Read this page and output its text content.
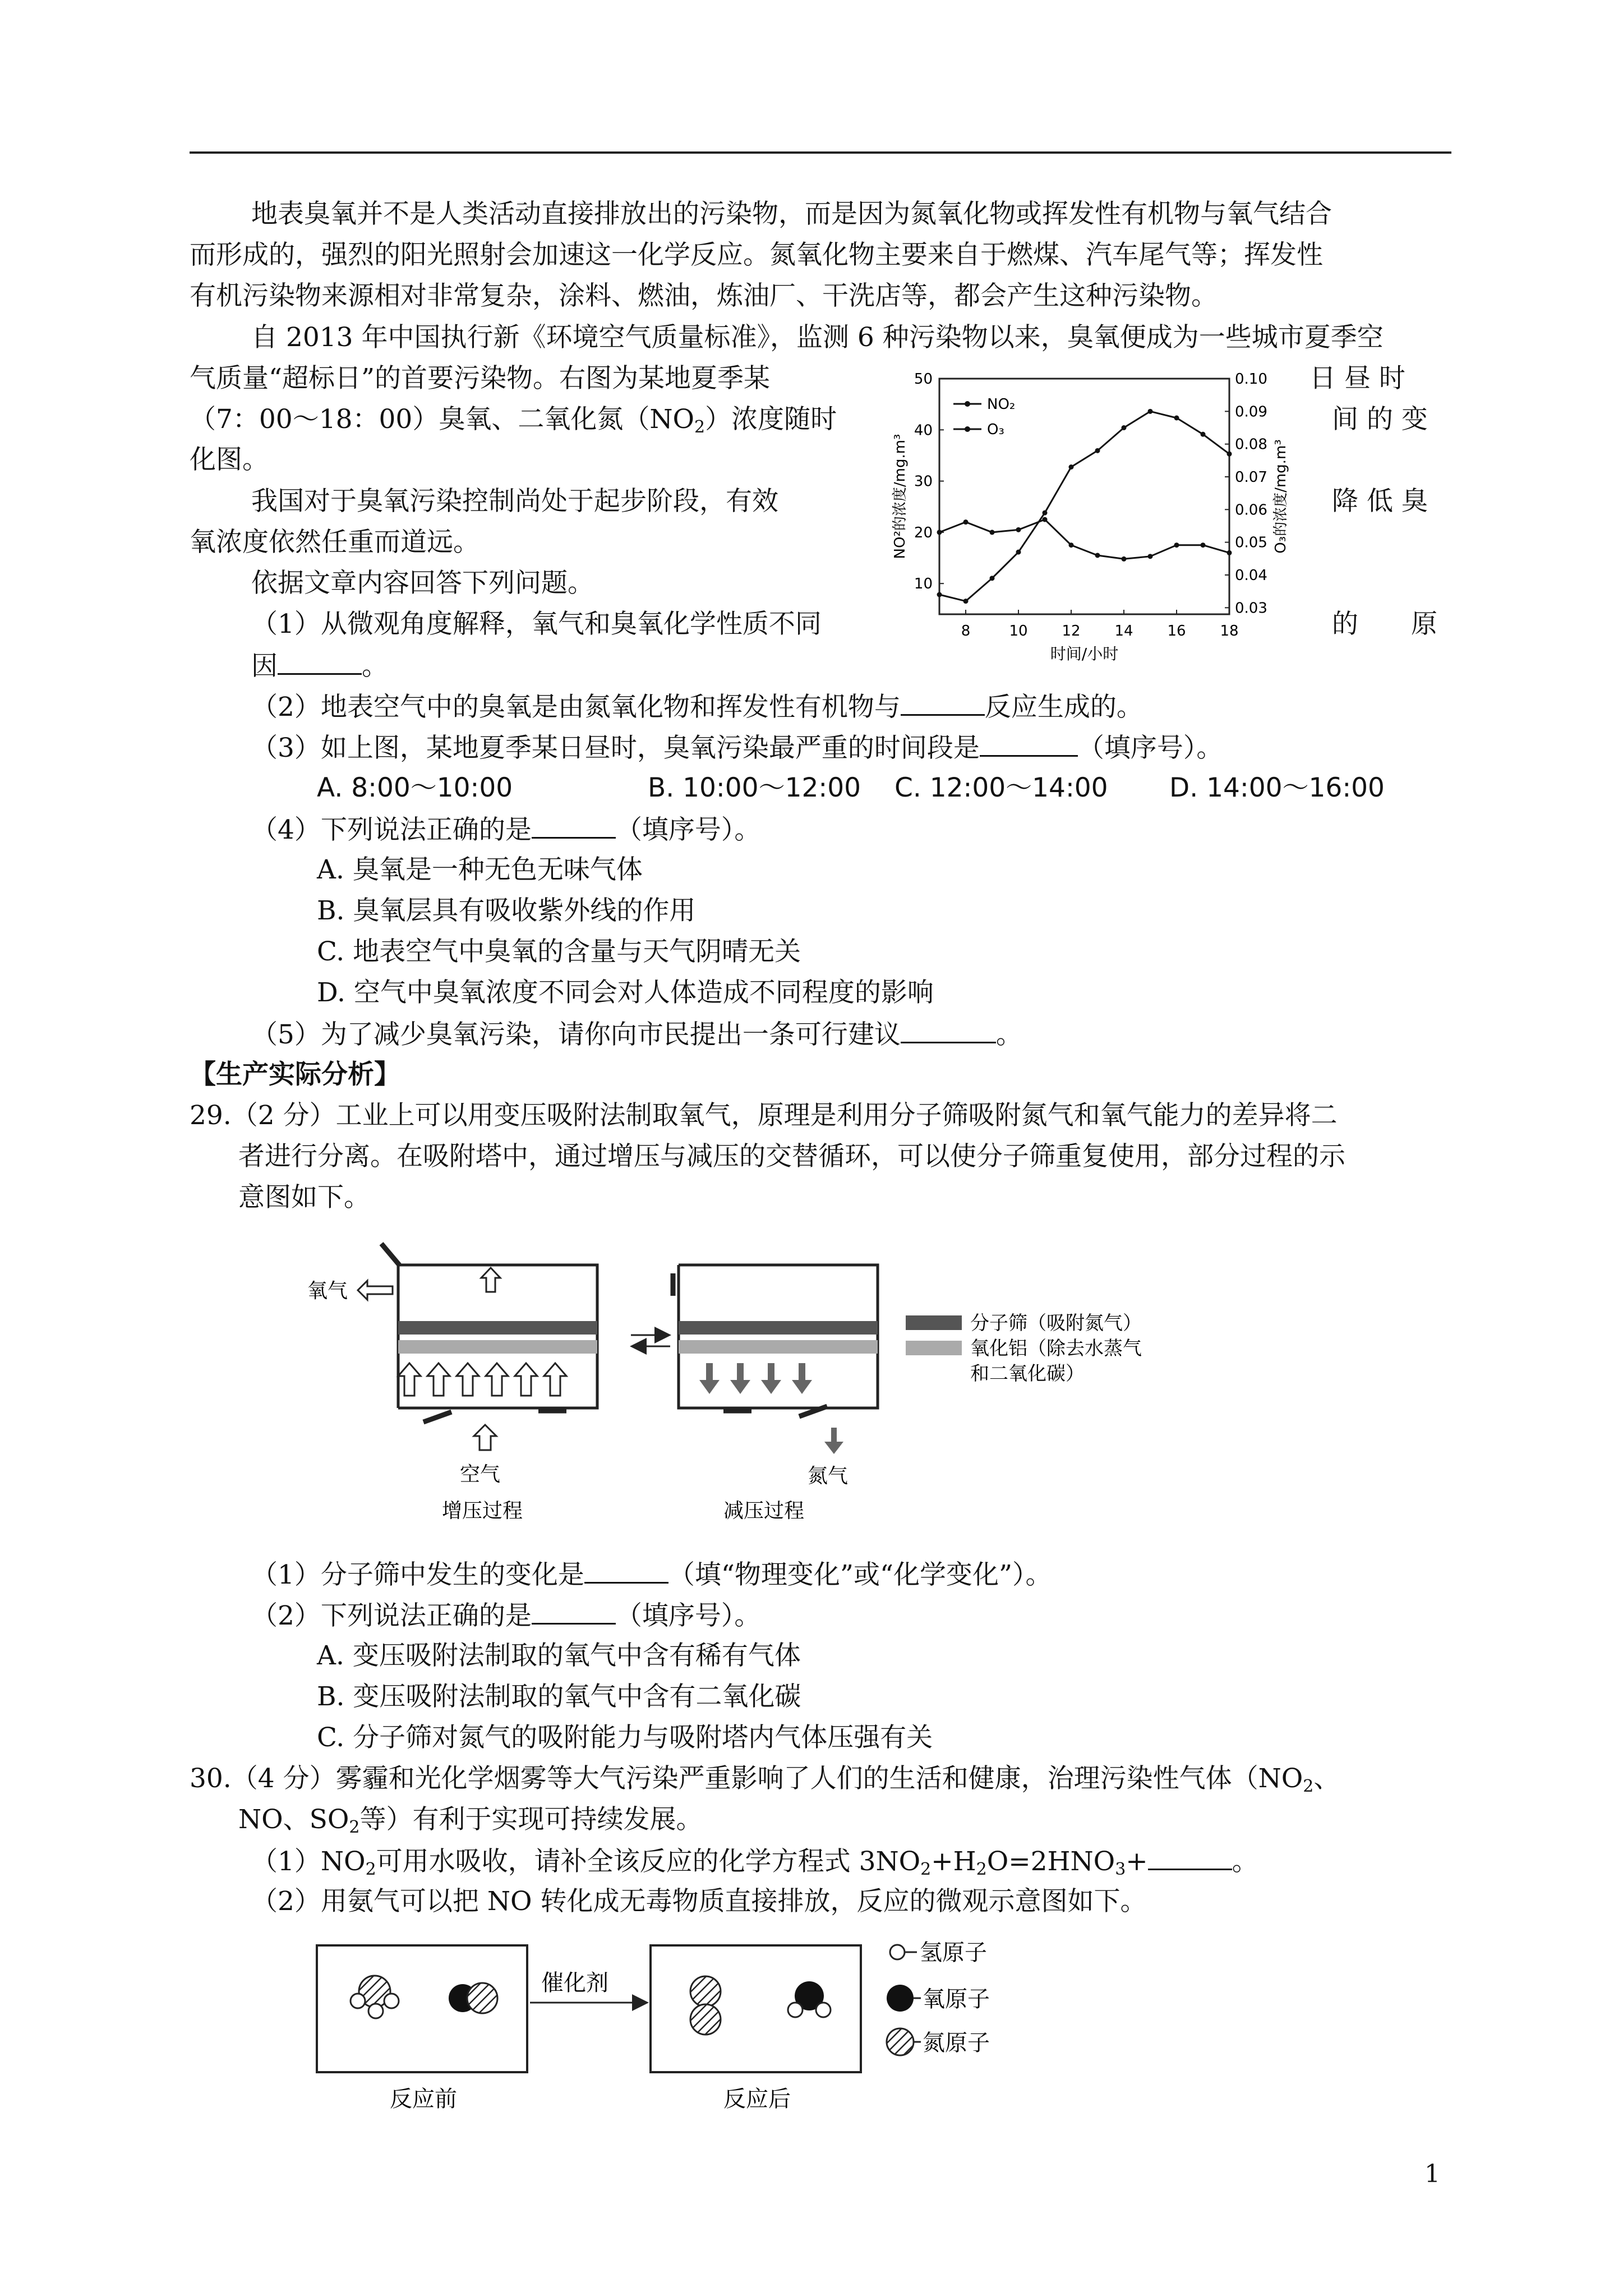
地表臭氧并不是人类活动直接排放出的污染物，而是因为氮氧化物或挥发性有机物与氧气结合
而形成的，强烈的阳光照射会加速这一化学反应。氮氧化物主要来自于燃煤、汽车尾气等；挥发性
有机污染物来源相对非常复杂，涂料、燃油，炼油厂、干洗店等，都会产生这种污染物。
自 2013 年中国执行新《环境空气质量标准》，监测 6 种污染物以来，臭氧便成为一些城市夏季空
气质量“超标日”的首要污染物。右图为某地夏季某	日 昼 时
（7：00～18：00）臭氧、二氧化氮$(NO_2)$浓度随时	间 的 变
化图。
我国对于臭氧污染控制尚处于起步阶段，有效	降 低 臭
氧浓度依然任重而道远。
依据文章内容回答下列问题。
8	10 12 14 16 18
10
20
30
40
50
0.03
0.04
0.05
0.06
0.07
0.08
0.09
0.10
时间/小时
NO²的浓度/mg.m³	O₃的浓度/mg.m³
NO₂
O₃
（1）从微观角度解释，氧气和臭氧化学性质不同	的　　原
因	。
（2）地表空气中的臭氧是由氮氧化物和挥发性有机物与	反应生成的。
（3）如上图，某地夏季某日昼时，臭氧污染最严重的时间段是	（填序号）。
A. 8:00～10:00	B. 10:00～12:00 C. 12:00～14:00 D. 14:00～16:00
（4）下列说法正确的是	（填序号）。
A. 臭氧是一种无色无味气体
B. 臭氧层具有吸收紫外线的作用
C. 地表空气中臭氧的含量与天气阴晴无关
D. 空气中臭氧浓度不同会对人体造成不同程度的影响
（5）为了减少臭氧污染，请你向市民提出一条可行建议	。
【生产实际分析】
29.（2 分）工业上可以用变压吸附法制取氧气，原理是利用分子筛吸附氮气和氧气能力的差异将二
者进行分离。在吸附塔中，通过增压与减压的交替循环，可以使分子筛重复使用，部分过程的示
意图如下。
氧气
空气
增压过程
氮气
减压过程
分子筛（吸附氮气）
氧化铝（除去水蒸气
和二氧化碳）
（1）分子筛中发生的变化是	（填“物理变化”或“化学变化”）。
（2）下列说法正确的是	（填序号）。
A. 变压吸附法制取的氧气中含有稀有气体
B. 变压吸附法制取的氧气中含有二氧化碳
C. 分子筛对氮气的吸附能力与吸附塔内气体压强有关
30.（4 分）雾霾和光化学烟雾等大气污染严重影响了人们的生活和健康，治理污染性气体（$NO_2$、
NO、$SO_2$等）有利于实现可持续发展。
$(1)NO_2$可用水吸收，请补全该反应的化学方程式 $3NO_2+H_2O=2HNO_3+$	。
（2）用氨气可以把 NO 转化成无毒物质直接排放，反应的微观示意图如下。
催化剂
反应前	反应后
氢原子
氧原子
氮原子
1
